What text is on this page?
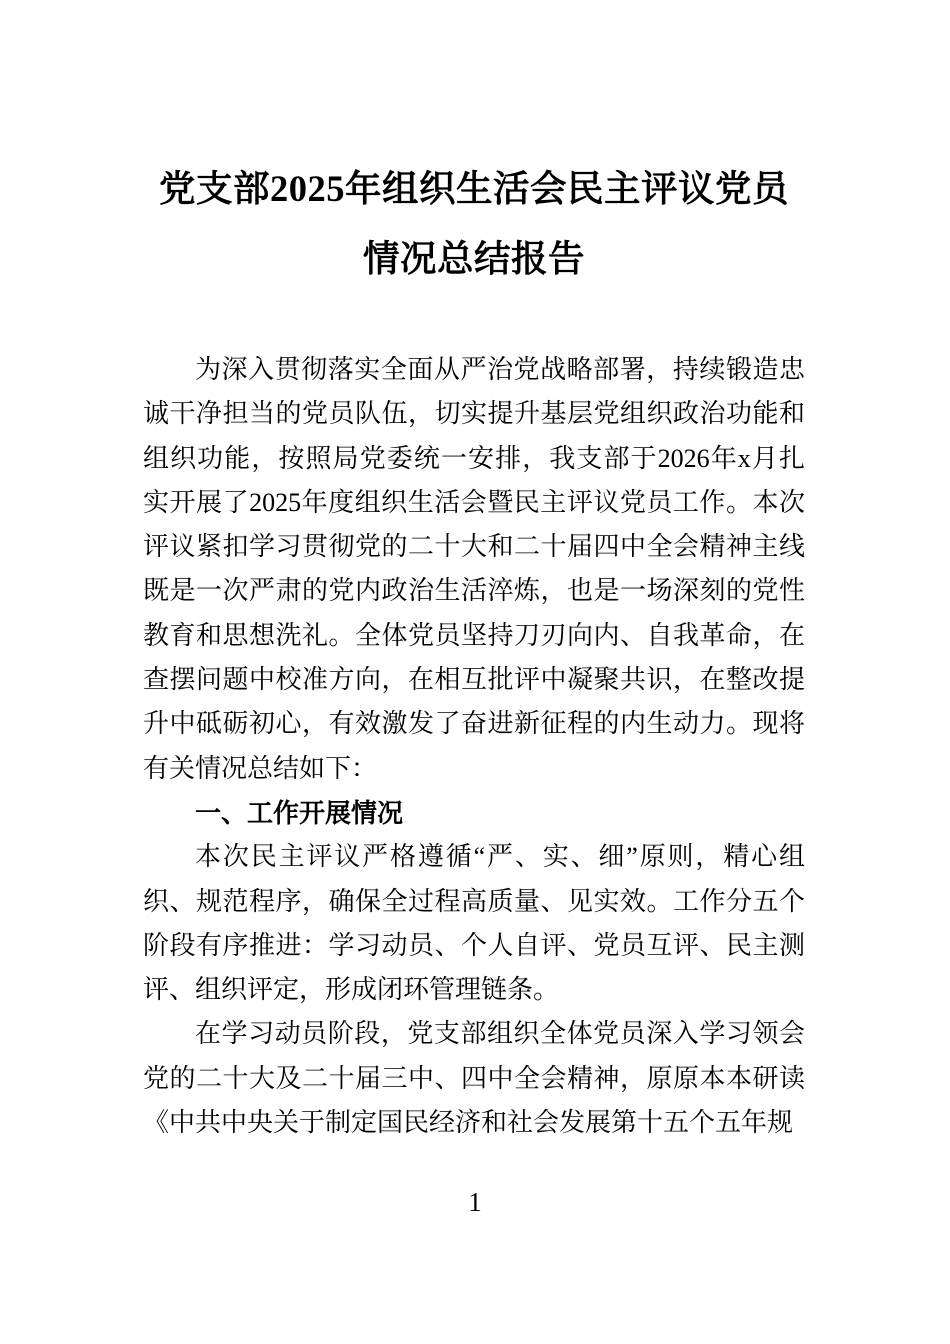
党支部2025年组织生活会民主评议党员情况总结报告

为深入贯彻落实全面从严治党战略部署，持续锻造忠诚干净担当的党员队伍，切实提升基层党组织政治功能和组织功能，按照局党委统一安排，我支部于2026年x月扎实开展了2025年度组织生活会暨民主评议党员工作。本次评议紧扣学习贯彻党的二十大和二十届四中全会精神主线既是一次严肃的党内政治生活淬炼，也是一场深刻的党性教育和思想洗礼。全体党员坚持刀刃向内、自我革命，在查摆问题中校准方向，在相互批评中凝聚共识，在整改提升中砥砺初心，有效激发了奋进新征程的内生动力。现将有关情况总结如下：

一、工作开展情况

本次民主评议严格遵循“严、实、细”原则，精心组织、规范程序，确保全过程高质量、见实效。工作分五个阶段有序推进：学习动员、个人自评、党员互评、民主测评、组织评定，形成闭环管理链条。

在学习动员阶段，党支部组织全体党员深入学习领会党的二十大及二十届三中、四中全会精神，原原本本研读《中共中央关于制定国民经济和社会发展第十五个五年规

1
